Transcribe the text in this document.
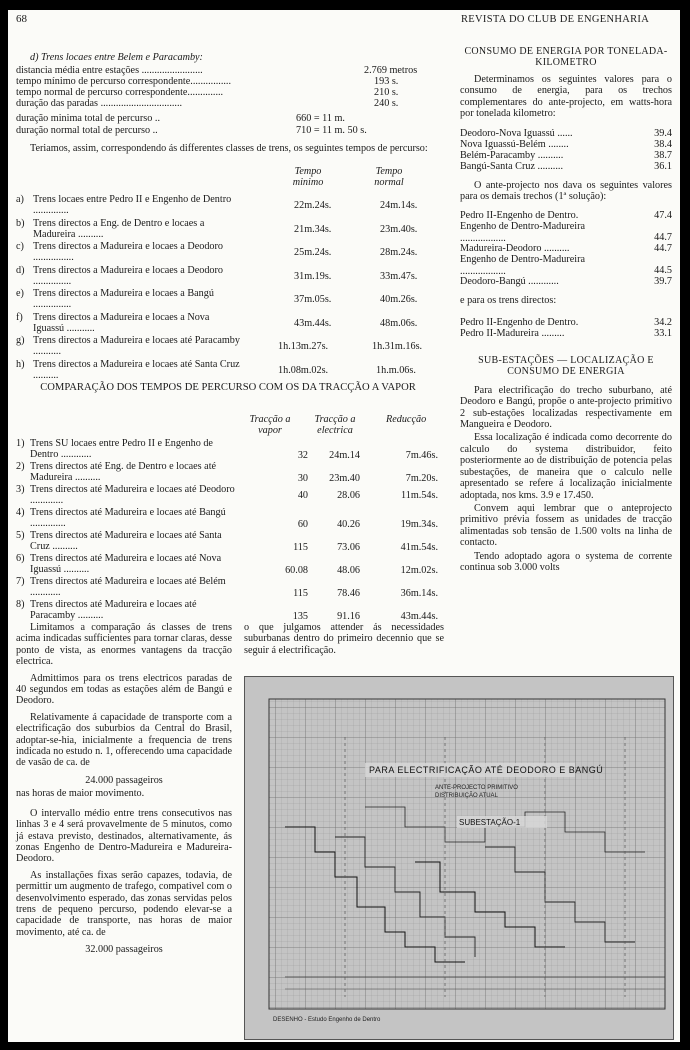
68	REVISTA DO CLUB DE ENGENHARIA
d) Trens locaes entre Belem e Paracamby:
distancia média entre estações ........................	2.769 metros
tempo mínimo de percurso correspondente................	193 s.
tempo normal de percurso correspondente..............	210 s.
duração das paradas ................................	240 s.
duração minima total de percurso ..	660 = 11 m.
duração normal total de percurso ..	710 = 11 m. 50 s.
Teriamos, assim, correspondendo ás differentes classes de trens, os seguintes tempos de percurso:
Tempo minimo
Tempo normal
a) Trens locaes entre Pedro II e Engenho de Dentro ..............	22m.24s.	24m.14s.
b) Trens directos a Eng. de Dentro e locaes a Madureira ..........	21m.34s.	23m.40s.
c) Trens directos a Madureira e locaes a Deodoro ................	25m.24s.	28m.24s.
d) Trens directos a Madureira e locaes a Deodoro ...............	31m.19s.	33m.47s.
e) Trens directos a Madureira e locaes a Bangú ...............	37m.05s.	40m.26s.
f) Trens directos a Madureira e locaes a Nova Iguassú ...........	43m.44s.	48m.06s.
g) Trens directos a Madureira e locaes até Paracamby ...........	1h.13m.27s.	1h.31m.16s.
h) Trens directos a Madureira e locaes até Santa Cruz ..........	1h.08m.02s.	1h.m.06s.
COMPARAÇÃO DOS TEMPOS DE PERCURSO COM OS DA TRACÇÃO A VAPOR
Tracção a vapor
Tracção a electrica
Reducção
1) Trens SU locaes entre Pedro II e Engenho de Dentro ............	32	24m.14	7m.46s.
2) Trens directos até Eng. de Dentro e locaes até Madureira ..........	30	23m.40	7m.20s.
3) Trens directos até Madureira e locaes até Deodoro .............	40	28.06	11m.54s.
4) Trens directos até Madureira e locaes até Bangú ..............	60	40.26	19m.34s.
5) Trens directos até Madureira e locaes até Santa Cruz ..........	115	73.06	41m.54s.
6) Trens directos até Madureira e locaes até Nova Iguassú ..........	60.08	48.06	12m.02s.
7) Trens directos até Madureira e locaes até Belém ............	115	78.46	36m.14s.
8) Trens directos até Madureira e locaes até Paracamby ..........	135	91.16	43m.44s.
Limitamos a comparação ás classes de trens acima indicadas sufficientes para tornar claras, desse ponto de vista, as enormes vantagens da tracção electrica.
Admittimos para os trens electricos paradas de 40 segundos em todas as estações além de Bangú e Deodoro.
Relativamente á capacidade de transporte com a electrificação dos suburbios da Central do Brasil, adoptar-se-hia, inicialmente a frequencia de trens indicada no estudo n. 1, offerecendo uma capacidade de vasão de ca. de
24.000 passageiros
nas horas de maior movimento.
O intervallo médio entre trens consecutivos nas linhas 3 e 4 será provavelmente de 5 minutos, como já estava previsto, destinados, alternativamente, ás zonas Engenho de Dentro-Madureira e Madureira-Deodoro.
As installações fixas serão capazes, todavia, de permittir um augmento de trafego, compativel com o desenvolvimento esperado, das zonas servidas pelos trens de pequeno percurso, podendo elevar-se a capacidade de transporte, nas horas de maior movimento, até ca. de
32.000 passageiros
o que julgamos attender ás necessidades suburbanas dentro do primeiro decennio que se seguir á electrificação.
CONSUMO DE ENERGIA POR TONELADA-KILOMETRO
Determinamos os seguintes valores para o consumo de energia, para os trechos complementares do ante-projecto, em watts-hora por tonelada kilometro:
Deodoro-Nova Iguassú ......	39.4
Nova Iguassú-Belém ........	38.4
Belém-Paracamby ..........	38.7
Bangú-Santa Cruz ..........	36.1
O ante-projecto nos dava os seguintes valores para os demais trechos (1ª solução):
Pedro II-Engenho de Dentro.	47.4
Engenho de Dentro-Madureira ..................	44.7
Madureira-Deodoro ..........	44.7
Engenho de Dentro-Madureira ..................	44.5
Deodoro-Bangú ............	39.7
e para os trens directos:
Pedro II-Engenho de Dentro.	34.2
Pedro II-Madureira .........	33.1
SUB-ESTAÇÕES — LOCALIZAÇÃO E CONSUMO DE ENERGIA
Para electrificação do trecho suburbano, até Deodoro e Bangú, propõe o ante-projecto primitivo 2 sub-estações localizadas respectivamente em Mangueira e Deodoro.
Essa localização é indicada como decorrente do calculo do systema distribuidor, feito posteriormente ao de distribuição de potencia pelas subestações, de maneira que o calculo nelle apresentado se refere á localização inicialmente adoptada, nos kms. 3.9 e 17.450.
Convem aqui lembrar que o anteprojecto primitivo prévia fossem as unidades de tracção alimentadas sob tensão de 1.500 volts na linha de contacto.
Tendo adoptado agora o systema de corrente continua sob 3.000 volts
PARA ELECTRIFICAÇÃO ATÉ DEODORO E BANGÚ
ANTE-PROJECTO PRIMITIVO
DISTRIBUIÇÃO ATUAL
SUBESTAÇÃO-1
DESENHO - Estudo Engenho de Dentro
